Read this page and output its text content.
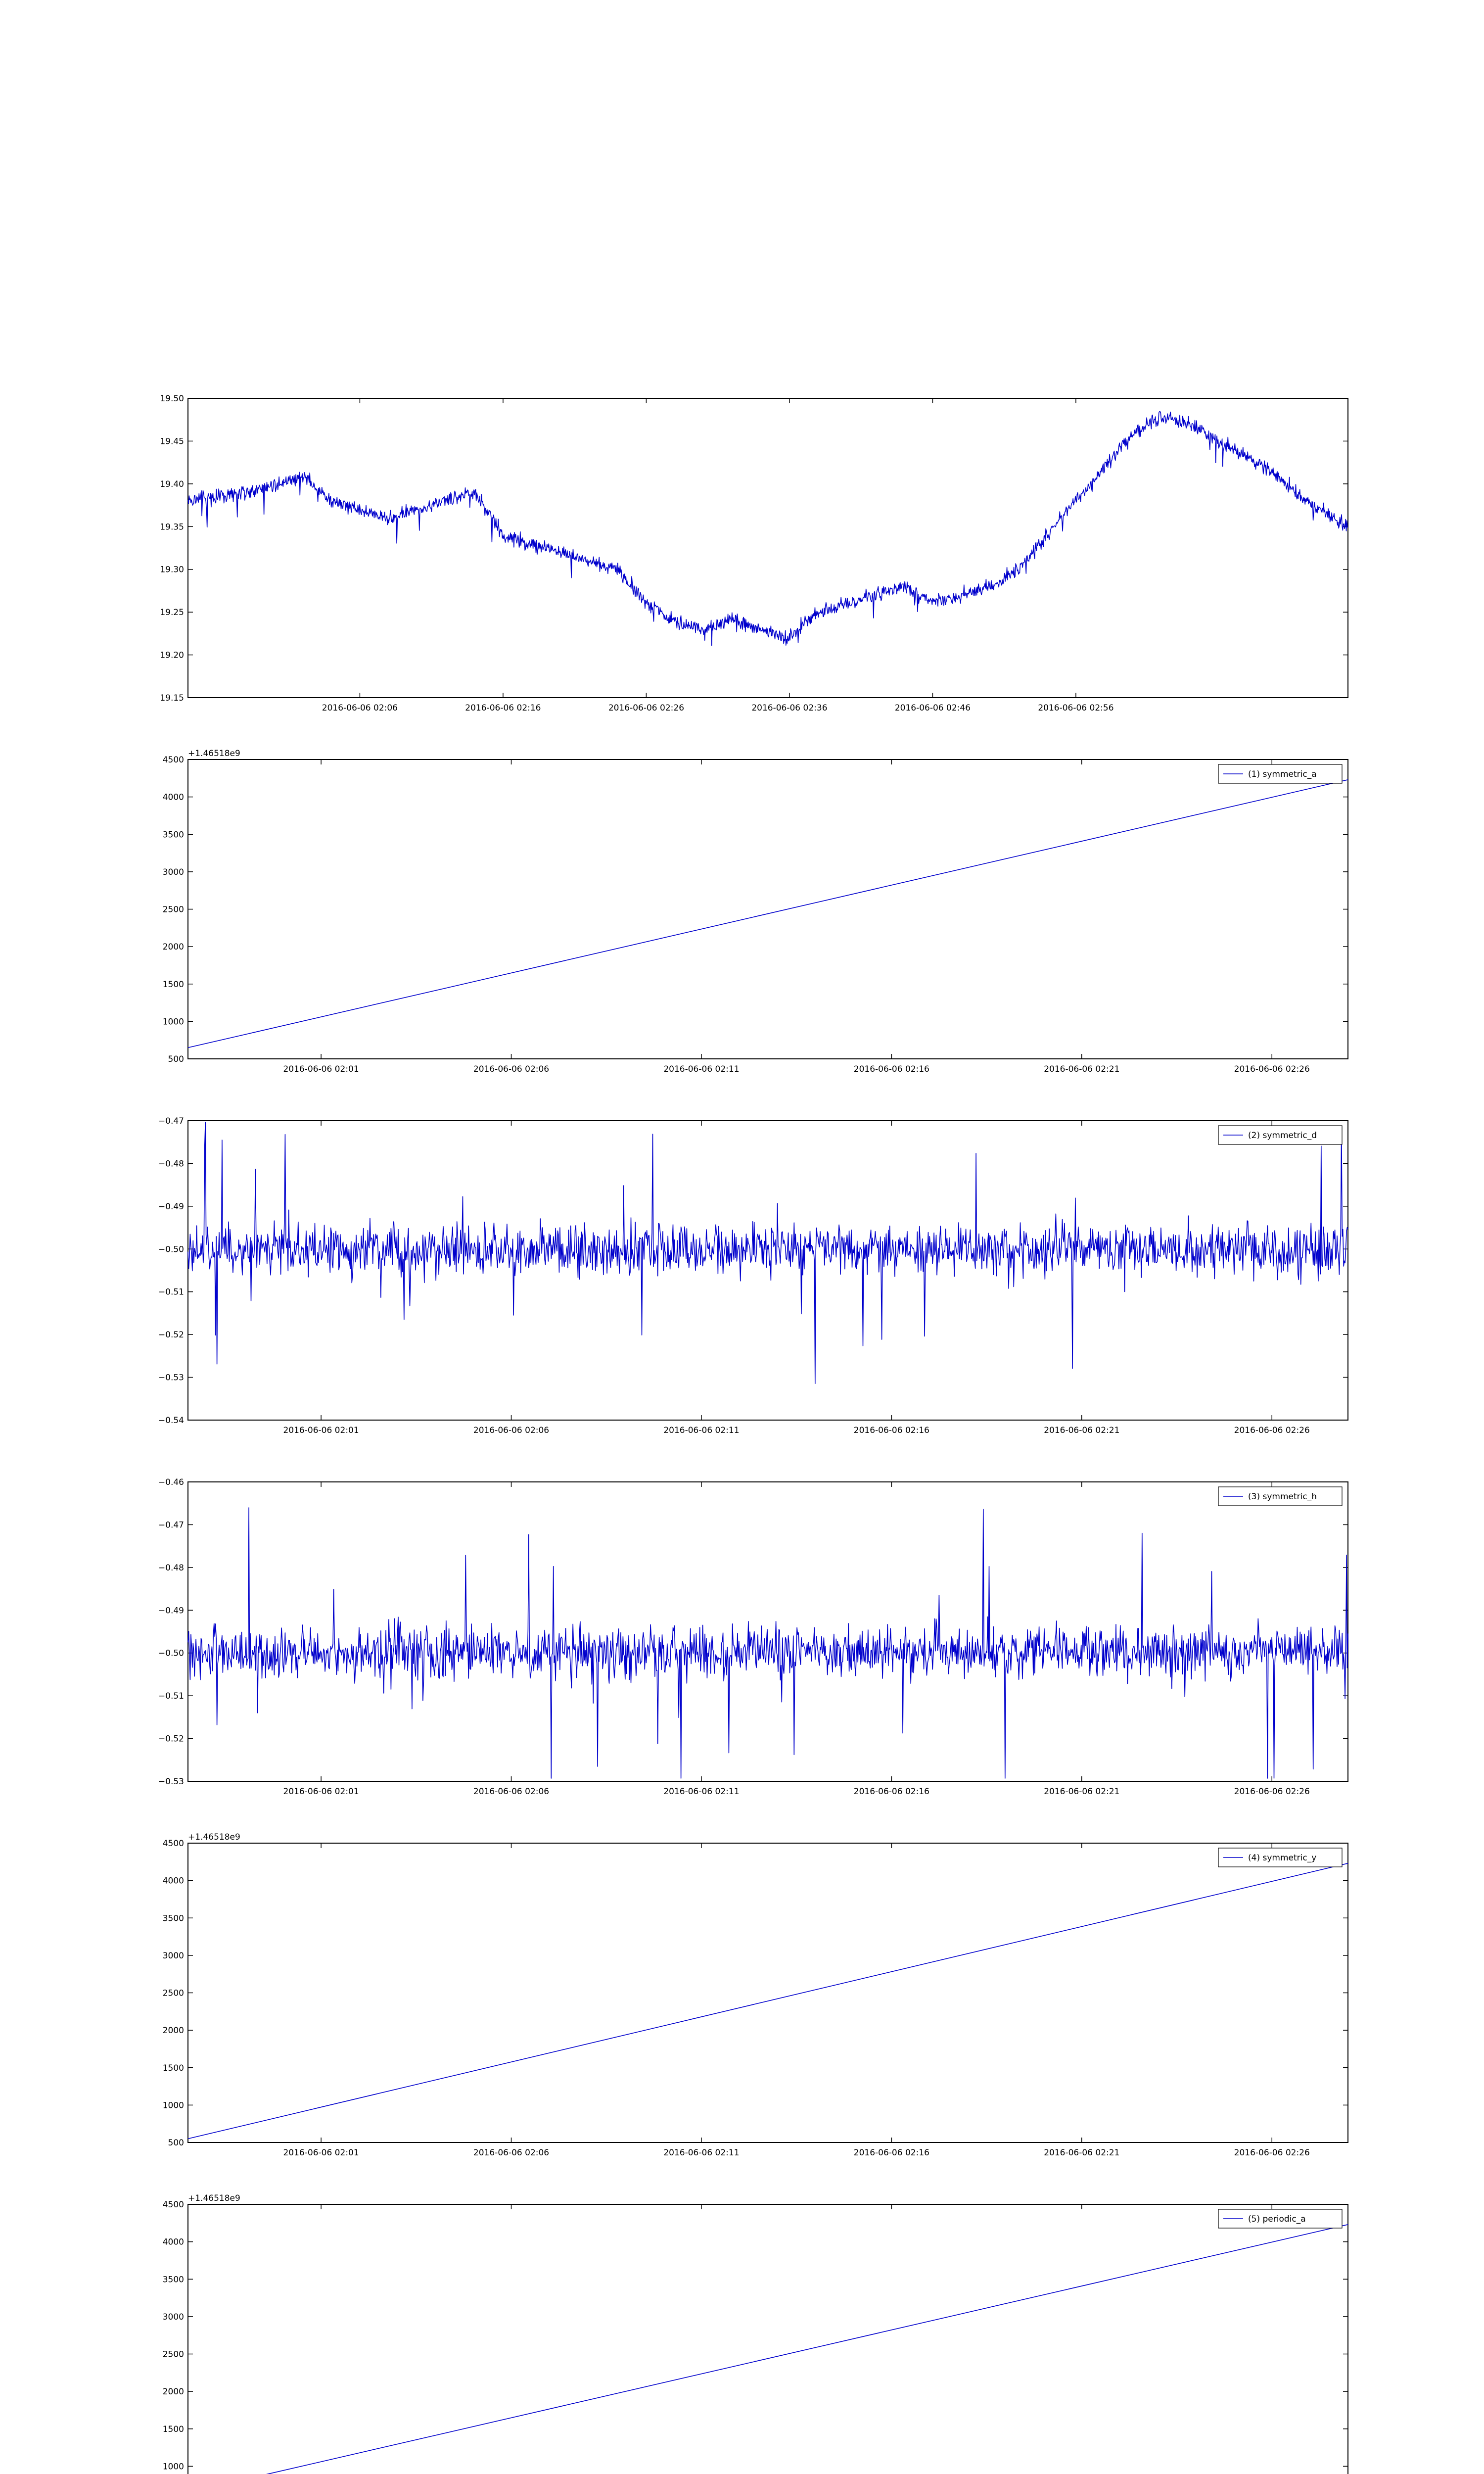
19.15
19.20
19.25
19.30
19.35
19.40
19.45
19.50
2016-06-06 02:06	2016-06-06 02:16	2016-06-06 02:26	2016-06-06 02:36	2016-06-06 02:46	2016-06-06 02:56
500
1000
1500
2000
2500
3000
3500
4000
4500
2016-06-06 02:01	2016-06-06 02:06	2016-06-06 02:11	2016-06-06 02:16	2016-06-06 02:21	2016-06-06 02:26
+1.46518e9
(1) symmetric_a
−0.54
−0.53
−0.52
−0.51
−0.50
−0.49
−0.48
−0.47
2016-06-06 02:01	2016-06-06 02:06	2016-06-06 02:11	2016-06-06 02:16	2016-06-06 02:21	2016-06-06 02:26
(2) symmetric_d
−0.53
−0.52
−0.51
−0.50
−0.49
−0.48
−0.47
−0.46
2016-06-06 02:01	2016-06-06 02:06	2016-06-06 02:11	2016-06-06 02:16	2016-06-06 02:21	2016-06-06 02:26
(3) symmetric_h
500
1000
1500
2000
2500
3000
3500
4000
4500
2016-06-06 02:01	2016-06-06 02:06	2016-06-06 02:11	2016-06-06 02:16	2016-06-06 02:21	2016-06-06 02:26
+1.46518e9
(4) symmetric_y
1000
1500
2000
2500
3000
3500
4000
4500
+1.46518e9
(5) periodic_a
